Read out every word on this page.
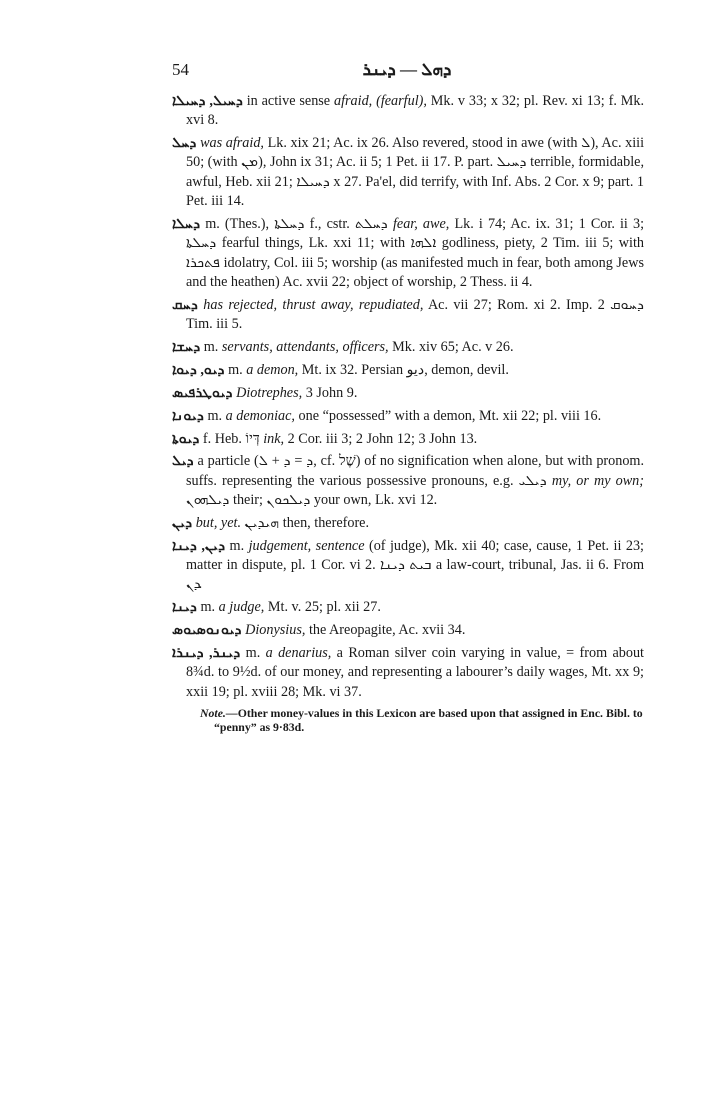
54	ܕܗܠ — ܕܝܢܪ

ܕܚܝܠ, ܕܚܝܠܐ in active sense afraid, (fearful), Mk. v 33; x 32; pl. Rev. xi 13; f. Mk. xvi 8.

ܕܚܠ was afraid, Lk. xix 21; Ac. ix 26. Also revered, stood in awe (with ܠ), Ac. xiii 50; (with ܡܢ), John ix 31; Ac. ii 5; 1 Pet. ii 17. P. part. ܕܚܝܠ terrible, formidable, awful, Heb. xii 21; ܕܚܝܠܐ x 27. Pa'el, did terrify, with Inf. Abs. 2 Cor. x 9; part. 1 Pet. iii 14.

ܕܚܠܐ m. (Thes.), ܕܚܠܬܐ f., cstr. ܕܚܠܬ fear, awe, Lk. i 74; Ac. ix. 31; 1 Cor. ii 3; ܕܚܠܬܐ fearful things, Lk. xxi 11; with ܐܠܗܐ godliness, piety, 2 Tim. iii 5; with ܦܬܟܪܐ idolatry, Col. iii 5; worship (as manifested much in fear, both among Jews and the heathen) Ac. xvii 22; object of worship, 2 Thess. ii 4.

ܕܚܩ has rejected, thrust away, repudiated, Ac. vii 27; Rom. xi 2. Imp. ܕܚܘܩ 2 Tim. iii 5.

ܕܚܫܐ m. servants, attendants, officers, Mk. xiv 65; Ac. v 26.

ܕܝܘ, ܕܝܘܐ m. a demon, Mt. ix 32. Persian دیو, demon, devil.

ܕܝܘܛܪܦܝܣ Diotrephes, 3 John 9.

ܕܝܘܢܐ m. a demoniac, one “possessed” with a demon, Mt. xii 22; pl. viii 16.

ܕܝܘܬܐ f. Heb. דְּיוֹ ink, 2 Cor. iii 3; 2 John 12; 3 John 13.

ܕܝܠ a particle (ܕ = ܕ + ܠ, cf. שֶׁל) of no signification when alone, but with pronom. suffs. representing the various possessive pronouns, e.g. ܕܝܠܝ my, or my own; ܕܝܠܗܘܢ their; ܕܝܠܟܘܢ your own, Lk. xvi 12.

ܕܝܢ but, yet. ܗܝܕܝܢ then, therefore.

ܕܝܢ, ܕܝܢܐ m. judgement, sentence (of judge), Mk. xii 40; case, cause, 1 Pet. ii 23; matter in dispute, pl. 1 Cor. vi 2. ܒܝܬ ܕܝܢܐ a law-court, tribunal, Jas. ii 6. From ܕܢ.

ܕܝܢܐ m. a judge, Mt. v. 25; pl. xii 27.

ܕܝܘܢܘܣܝܘܣ Dionysius, the Areopagite, Ac. xvii 34.

ܕܝܢܪ, ܕܝܢܪܐ m. a denarius, a Roman silver coin varying in value, = from about 8¾d. to 9½d. of our money, and representing a labourer’s daily wages, Mt. xx 9; xxii 19; pl. xviii 28; Mk. vi 37.

Note.—Other money-values in this Lexicon are based upon that assigned in Enc. Bibl. to “penny” as 9·83d.
